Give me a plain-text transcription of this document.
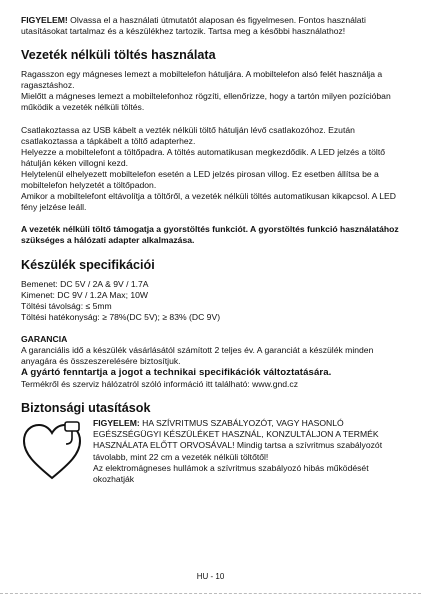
FIGYELEM! Olvassa el a használati útmutatót alaposan és figyelmesen. Fontos használati utasításokat tartalmaz és a készülékhez tartozik. Tartsa meg a későbbi használathoz!

Vezeték nélküli töltés használata

Ragasszon egy mágneses lemezt a mobiltelefon hátuljára. A mobiltelefon alsó felét használja a ragasztáshoz.

Mielőtt a mágneses lemezt a mobiltelefonhoz rögzíti, ellenőrizze, hogy a tartón milyen pozícióban működik a vezeték nélküli töltés.

Csatlakoztassa az USB kábelt a vezték nélküli töltő hátulján lévő csatlakozóhoz. Ezután csatlakoztassa a tápkábelt a töltő adapterhez.

Helyezze a mobiltelefont a töltőpadra. A töltés automatikusan megkezdődik. A LED jelzés a töltő hátulján kéken villogni kezd.

Helytelenül elhelyezett mobiltelefon esetén a LED jelzés pirosan villog. Ez esetben állítsa be a mobiltelefon helyzetét a töltőpadon.

Amikor a mobiltelefont eltávolítja a töltőről, a vezeték nélküli töltés automatikusan kikapcsol. A LED fény jelzése leáll.

A vezeték nélküli töltő támogatja a gyorstöltés funkciót. A gyorstöltés funkció használatához szükséges a hálózati adapter alkalmazása.

Készülék specifikációi

Bemenet: DC 5V / 2A & 9V / 1.7A

Kimenet: DC 9V / 1.2A Max; 10W

Töltési távolság: ≤ 5mm

Töltési hatékonyság: ≥ 78%(DC 5V); ≥ 83% (DC 9V)

GARANCIA

A garanciális idő a készülék vásárlásától számított 2 teljes év. A garanciát a készülék minden anyagára és összeszerelésére biztosítjuk.

A gyártó fenntartja a jogot a technikai specifikációk változtatására.

Termékről és szerviz hálózatról szóló információ itt található: www.gnd.cz

Biztonsági utasítások

FIGYELEM: HA SZÍVRITMUS SZABÁLYOZÓT, VAGY HASONLÓ EGÉSZSÉGÜGYI KÉSZÜLÉKET HASZNÁL, KONZULTÁLJON A TERMÉK HASZNÁLATA ELŐTT ORVOSÁVAL! Mindig tartsa a szívritmus szabályozót távolabb, mint 22 cm a vezeték nélküli töltőtől!

Az elektromágneses hullámok a szívritmus szabályozó hibás működését okozhatják

HU - 10
